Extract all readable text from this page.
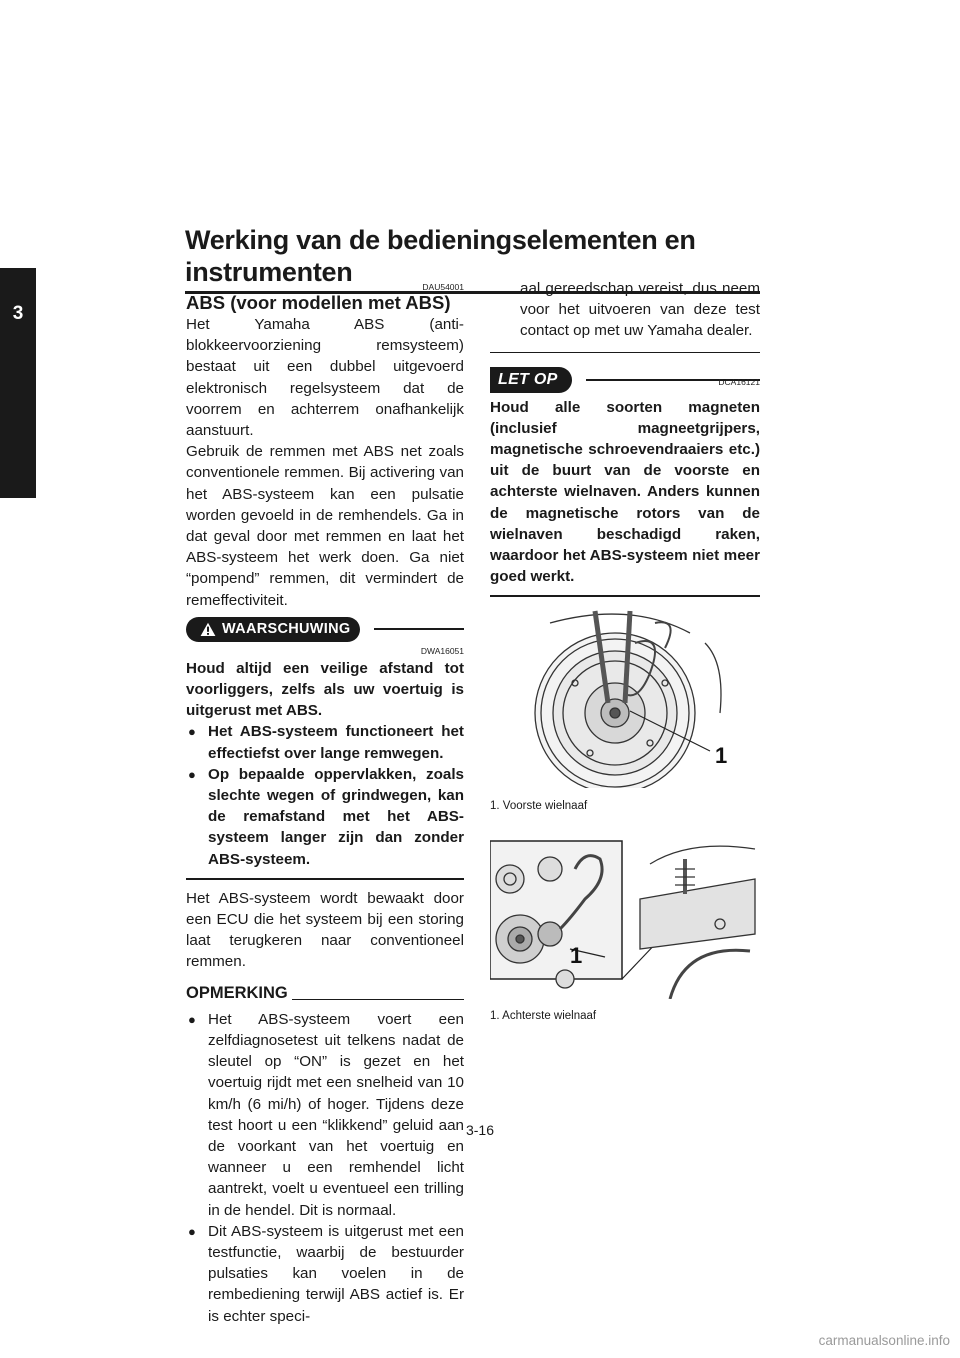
Werking van de bedieningselementen en instrumenten
3
DAU54001
ABS (voor modellen met ABS)

Het Yamaha ABS (anti-blokkeervoorziening remsysteem) bestaat uit een dubbel uitgevoerd elektronisch regelsysteem dat de voorrem en achterrem onafhankelijk aanstuurt.

Gebruik de remmen met ABS net zoals conventionele remmen. Bij activering van het ABS-systeem kan een pulsatie worden gevoeld in de remhendels. Ga in dat geval door met remmen en laat het ABS-systeem het werk doen. Ga niet “pompend” remmen, dit vermindert de remeffectiviteit.

WAARSCHUWING
DWA16051

Houd altijd een veilige afstand tot voorliggers, zelfs als uw voertuig is uitgerust met ABS.

● Het ABS-systeem functioneert het effectiefst over lange remwegen.
● Op bepaalde oppervlakken, zoals slechte wegen of grindwegen, kan de remafstand met het ABS-systeem langer zijn dan zonder ABS-systeem.

Het ABS-systeem wordt bewaakt door een ECU die het systeem bij een storing laat terugkeren naar conventioneel remmen.

OPMERKING
● Het ABS-systeem voert een zelfdiagnosetest uit telkens nadat de sleutel op “ON” is gezet en het voertuig rijdt met een snelheid van 10 km/h (6 mi/h) of hoger. Tijdens deze test hoort u een “klikkend” geluid aan de voorkant van het voertuig en wanneer u een remhendel licht aantrekt, voelt u eventueel een trilling in de hendel. Dit is normaal.
● Dit ABS-systeem is uitgerust met een testfunctie, waarbij de bestuurder pulsaties kan voelen in de rembediening terwijl ABS actief is. Er is echter speci-

aal gereedschap vereist, dus neem voor het uitvoeren van deze test contact op met uw Yamaha dealer.

LET OP	DCA16121

Houd alle soorten magneten (inclusief magneetgrijpers, magnetische schroevendraaiers etc.) uit de buurt van de voorste en achterste wielnaven. Anders kunnen de magnetische rotors van de wielnaven beschadigd raken, waardoor het ABS-systeem niet meer goed werkt.

1
1. Voorste wielnaaf
1
1. Achterste wielnaaf
3-16
carmanualsonline.info
